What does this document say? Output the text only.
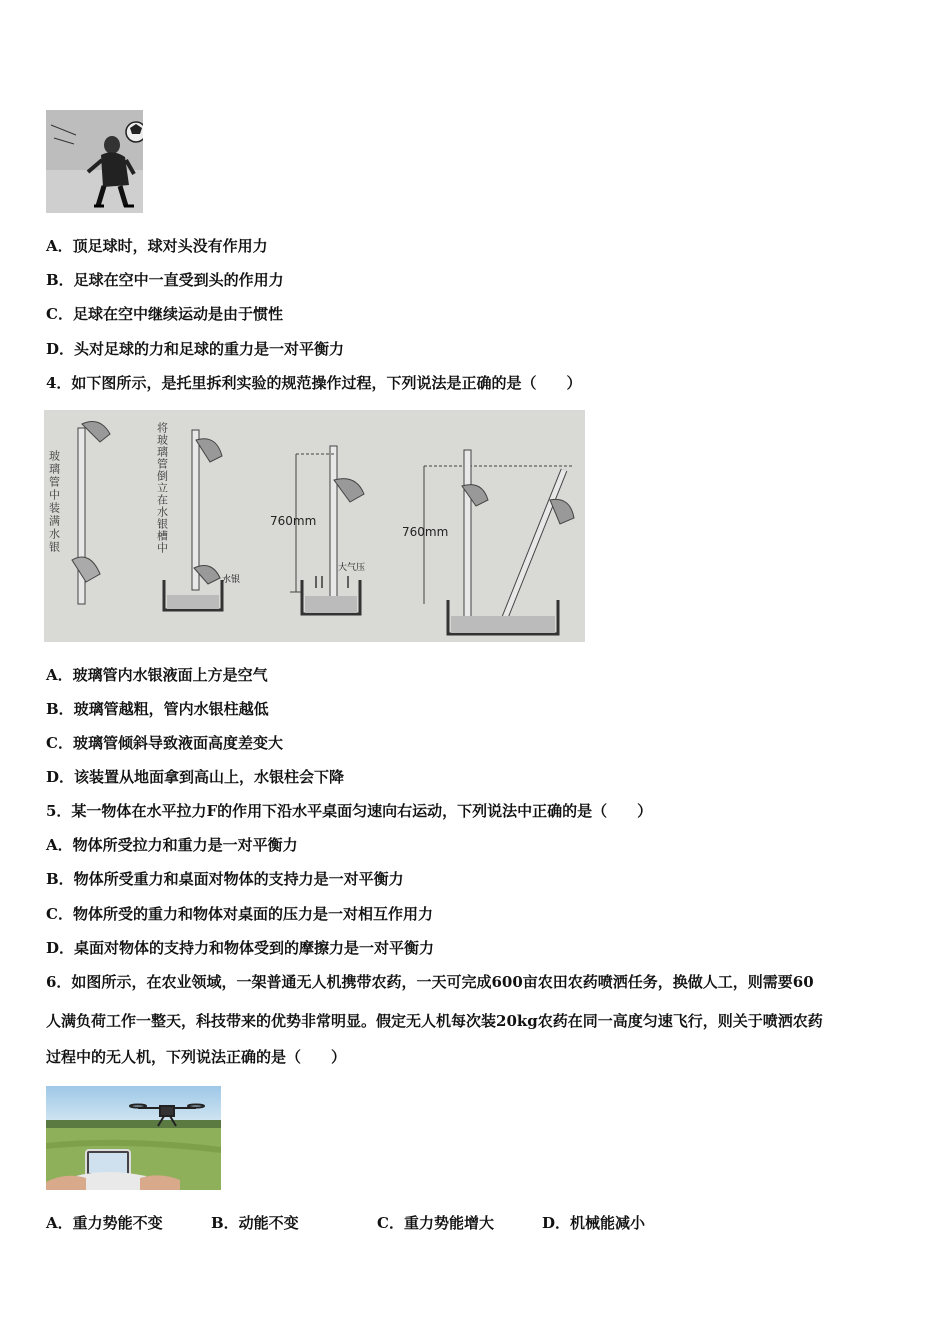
A．顶足球时，球对头没有作用力
B．足球在空中一直受到头的作用力
C．足球在空中继续运动是由于惯性
D．头对足球的力和足球的重力是一对平衡力
4．如下图所示，是托里拆利实验的规范操作过程，下列说法是正确的是（　　）
玻璃管中装满水银	将玻璃管倒立在水银槽中
水银
760mm
大气压
760mm
A．玻璃管内水银液面上方是空气
B．玻璃管越粗，管内水银柱越低
C．玻璃管倾斜导致液面高度差变大
D．该装置从地面拿到高山上，水银柱会下降
5．某一物体在水平拉力F的作用下沿水平桌面匀速向右运动，下列说法中正确的是（　　）
A．物体所受拉力和重力是一对平衡力
B．物体所受重力和桌面对物体的支持力是一对平衡力
C．物体所受的重力和物体对桌面的压力是一对相互作用力
D．桌面对物体的支持力和物体受到的摩擦力是一对平衡力
6．如图所示，在农业领域，一架普通无人机携带农药，一天可完成600亩农田农药喷洒任务，换做人工，则需要60
人满负荷工作一整天，科技带来的优势非常明显。假定无人机每次装20kg农药在同一高度匀速飞行，则关于喷洒农药
过程中的无人机，下列说法正确的是（　　）
A．重力势能不变	B．动能不变	C．重力势能增大	D．机械能减小
